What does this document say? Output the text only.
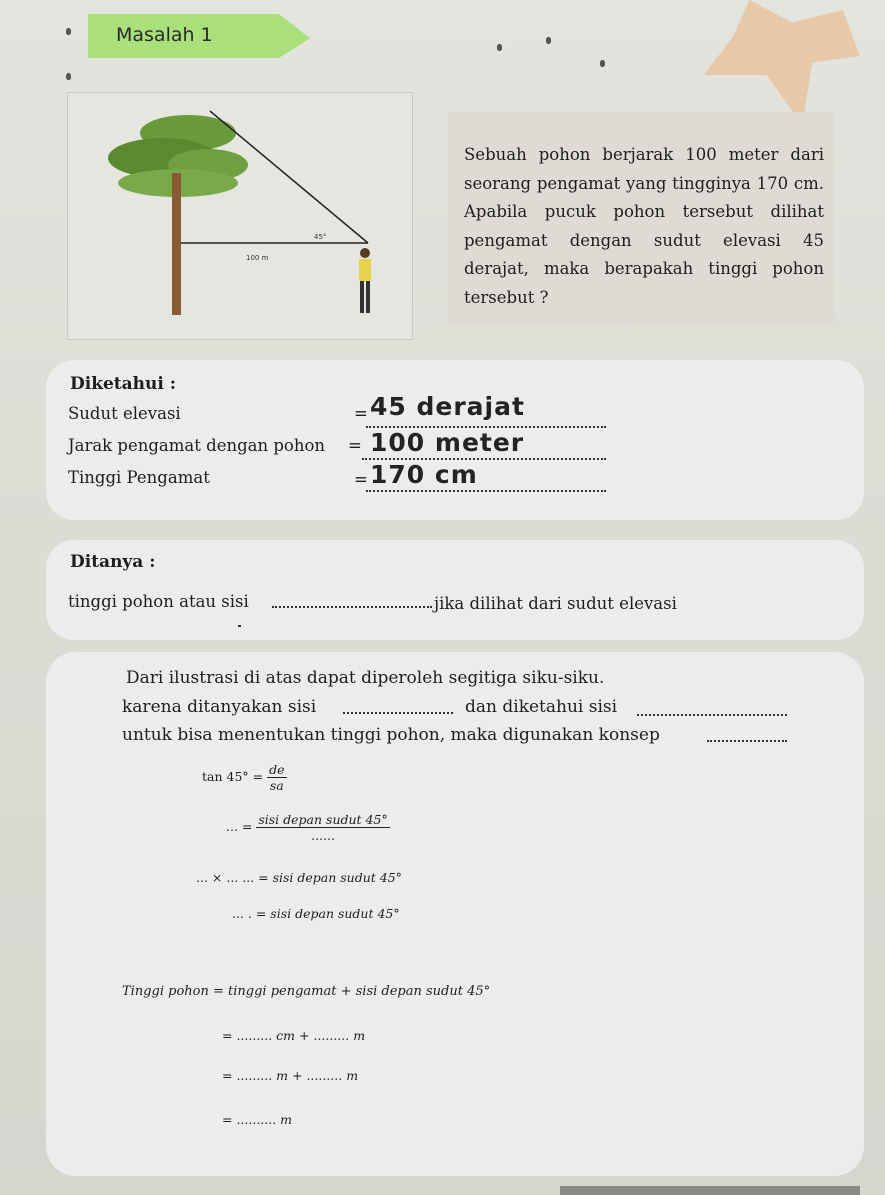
Masalah 1
45°
100 m
Sebuah pohon berjarak 100 meter dari seorang pengamat yang tingginya 170 cm. Apabila pucuk pohon tersebut dilihat pengamat dengan sudut elevasi 45 derajat, maka berapakah tinggi pohon tersebut ?
Diketahui :
Sudut elevasi	= 45 derajat
Jarak pengamat dengan pohon = 100 meter
Tinggi Pengamat	= 170 cm
Ditanya :
tinggi pohon atau sisi	jika dilihat dari sudut elevasi
Dari ilustrasi di atas dapat diperoleh segitiga siku-siku.
karena ditanyakan sisi	dan diketahui sisi
untuk bisa menentukan tinggi pohon, maka digunakan konsep
$\tan 45^\circ = \frac{de}{sa}$
... = $\frac{\text{sisi depan sudut 45°}}{......}$
... × ... ... = sisi depan sudut 45°
... . = sisi depan sudut 45°
Tinggi pohon = tinggi pengamat + sisi depan sudut 45°
= ......... cm + ......... m
= ......... m + ......... m
= .......... m
